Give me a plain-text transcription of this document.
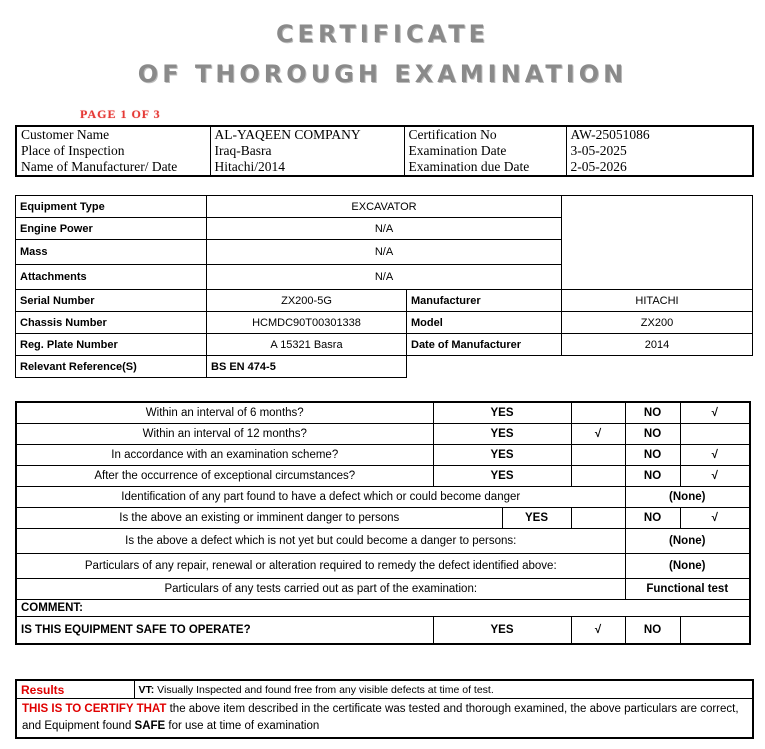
CERTIFICATE
OF THOROUGH EXAMINATION
PAGE 1 OF 3
Customer Name	AL-YAQEEN COMPANY	Certification No	AW-25051086
Place of Inspection	Iraq-Basra	Examination Date	3-05-2025
Name of Manufacturer/ Date	Hitachi/2014	Examination due Date	2-05-2026
Equipment Type	EXCAVATOR		
Engine Power	N/A		
Mass	N/A		
Attachments	N/A		
Serial Number	ZX200-5G	Manufacturer	HITACHI
Chassis Number	HCMDC90T00301338	Model	ZX200
Reg. Plate Number	A 15321 Basra	Date of Manufacturer	2014
Relevant Reference(S)	BS EN 474-5		
Within an interval of 6 months?	YES			NO	√
Within an interval of 12 months?	YES		√	NO	
In accordance with an examination scheme?	YES			NO	√
After the occurrence of exceptional circumstances?	YES			NO	√
Identification of any part found to have a defect which or could become danger				(None)	
Is the above an existing or imminent danger to persons		YES		NO	√
Is the above a defect which is not yet but could become a danger to persons:				(None)	
Particulars of any repair, renewal or alteration required to remedy the defect identified above:				(None)	
Particulars of any tests carried out as part of the examination:				Functional test	
COMMENT:					
IS THIS EQUIPMENT SAFE TO OPERATE?	YES		√	NO	
Results	VT: Visually Inspected and found free from any visible defects at time of test.
THIS IS TO CERTIFY THAT the above item described in the certificate was tested and thorough examined, the above particulars are correct, and Equipment found SAFE for use at time of examination
